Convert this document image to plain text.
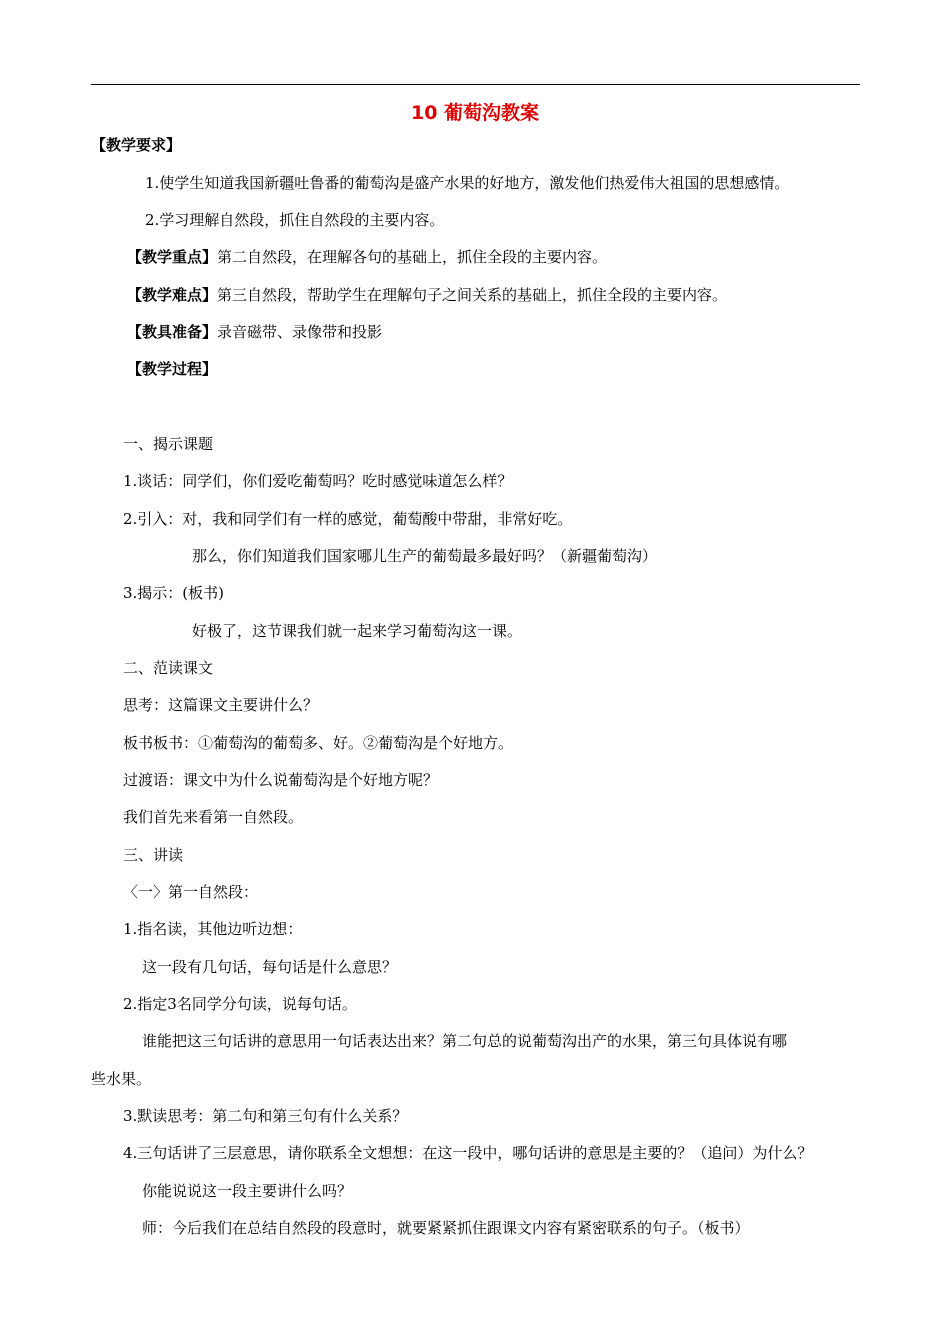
10 葡萄沟教案
【教学要求】
1.使学生知道我国新疆吐鲁番的葡萄沟是盛产水果的好地方，激发他们热爱伟大祖国的思想感情。
2.学习理解自然段，抓住自然段的主要内容。
【教学重点】第二自然段，在理解各句的基础上，抓住全段的主要内容。
【教学难点】第三自然段，帮助学生在理解句子之间关系的基础上，抓住全段的主要内容。
【教具准备】录音磁带、录像带和投影
【教学过程】
一、揭示课题
1.谈话：同学们，你们爱吃葡萄吗？吃时感觉味道怎么样？
2.引入：对，我和同学们有一样的感觉，葡萄酸中带甜，非常好吃。
那么，你们知道我们国家哪儿生产的葡萄最多最好吗？（新疆葡萄沟）
3.揭示：(板书)
好极了，这节课我们就一起来学习葡萄沟这一课。
二、范读课文
思考：这篇课文主要讲什么？
板书板书：①葡萄沟的葡萄多、好。②葡萄沟是个好地方。
过渡语：课文中为什么说葡萄沟是个好地方呢？
我们首先来看第一自然段。
三、讲读
〈一〉第一自然段：
1.指名读，其他边听边想：
这一段有几句话，每句话是什么意思？
2.指定3名同学分句读，说每句话。
谁能把这三句话讲的意思用一句话表达出来？第二句总的说葡萄沟出产的水果，第三句具体说有哪
些水果。
3.默读思考：第二句和第三句有什么关系？
4.三句话讲了三层意思，请你联系全文想想：在这一段中，哪句话讲的意思是主要的？（追问）为什么？
你能说说这一段主要讲什么吗？
师：今后我们在总结自然段的段意时，就要紧紧抓住跟课文内容有紧密联系的句子。（板书）
